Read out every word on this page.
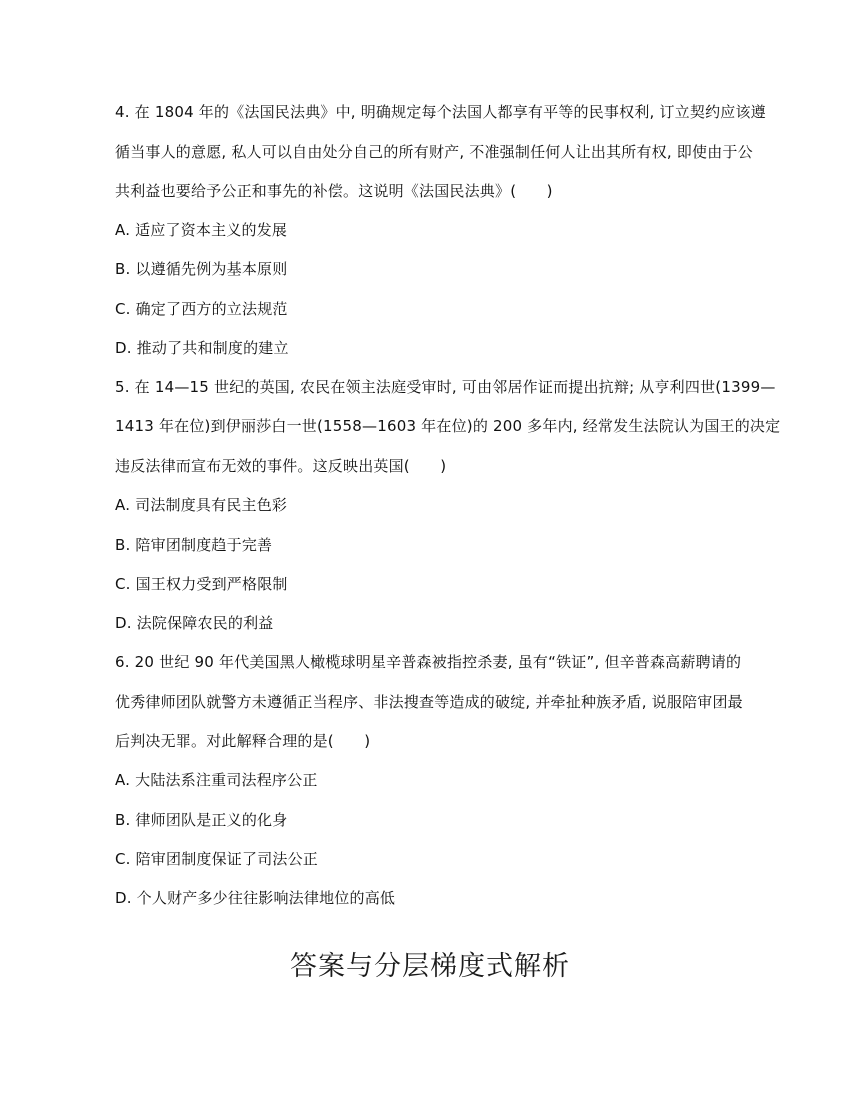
4. 在 1804 年的《法国民法典》中, 明确规定每个法国人都享有平等的民事权利, 订立契约应该遵
循当事人的意愿, 私人可以自由处分自己的所有财产, 不准强制任何人让出其所有权, 即使由于公
共利益也要给予公正和事先的补偿。这说明《法国民法典》(　　)
A. 适应了资本主义的发展
B. 以遵循先例为基本原则
C. 确定了西方的立法规范
D. 推动了共和制度的建立
5. 在 14—15 世纪的英国, 农民在领主法庭受审时, 可由邻居作证而提出抗辩; 从亨利四世(1399—
1413 年在位)到伊丽莎白一世(1558—1603 年在位)的 200 多年内, 经常发生法院认为国王的决定
违反法律而宣布无效的事件。这反映出英国(　　)
A. 司法制度具有民主色彩
B. 陪审团制度趋于完善
C. 国王权力受到严格限制
D. 法院保障农民的利益
6. 20 世纪 90 年代美国黑人橄榄球明星辛普森被指控杀妻, 虽有“铁证”, 但辛普森高薪聘请的
优秀律师团队就警方未遵循正当程序、非法搜查等造成的破绽, 并牵扯种族矛盾, 说服陪审团最
后判决无罪。对此解释合理的是(　　)
A. 大陆法系注重司法程序公正
B. 律师团队是正义的化身
C. 陪审团制度保证了司法公正
D. 个人财产多少往往影响法律地位的高低
答案与分层梯度式解析
